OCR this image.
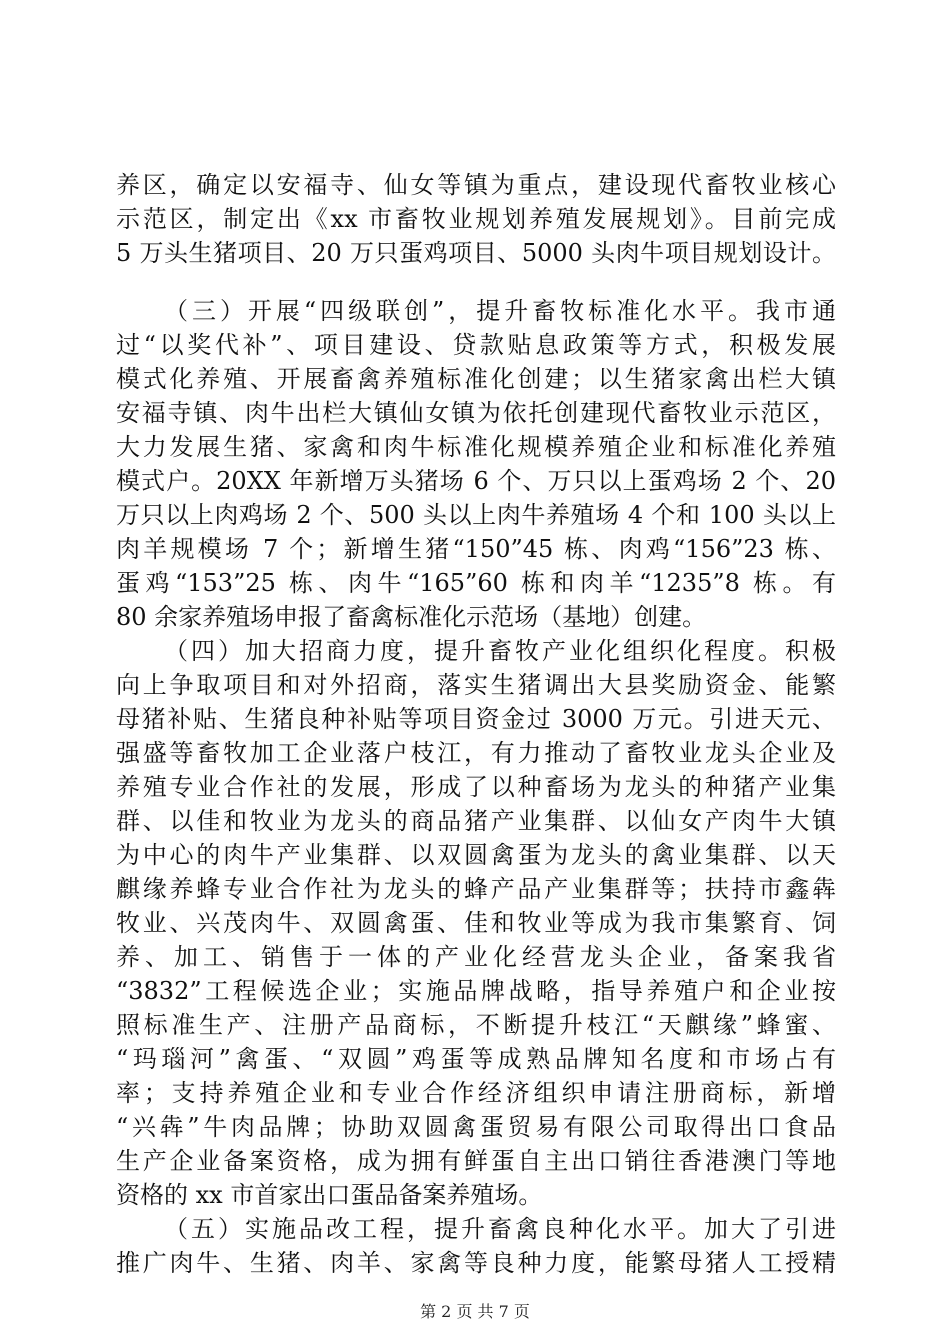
养区，确定以安福寺、仙女等镇为重点，建设现代畜牧业核心
示范区，制定出《xx 市畜牧业规划养殖发展规划》。目前完成
5 万头生猪项目、20 万只蛋鸡项目、5000 头肉牛项目规划设计。
（三）开展“四级联创”，提升畜牧标准化水平。我市通
过“以奖代补”、项目建设、贷款贴息政策等方式，积极发展
模式化养殖、开展畜禽养殖标准化创建；以生猪家禽出栏大镇
安福寺镇、肉牛出栏大镇仙女镇为依托创建现代畜牧业示范区，
大力发展生猪、家禽和肉牛标准化规模养殖企业和标准化养殖
模式户。20XX 年新增万头猪场 6 个、万只以上蛋鸡场 2 个、20
万只以上肉鸡场 2 个、500 头以上肉牛养殖场 4 个和 100 头以上
肉羊规模场 7 个；新增生猪“150”45 栋、肉鸡“156”23 栋、
蛋鸡“153”25 栋、肉牛“165”60 栋和肉羊“1235”8 栋。有
80 余家养殖场申报了畜禽标准化示范场（基地）创建。
（四）加大招商力度，提升畜牧产业化组织化程度。积极
向上争取项目和对外招商，落实生猪调出大县奖励资金、能繁
母猪补贴、生猪良种补贴等项目资金过 3000 万元。引进天元、
强盛等畜牧加工企业落户枝江，有力推动了畜牧业龙头企业及
养殖专业合作社的发展，形成了以种畜场为龙头的种猪产业集
群、以佳和牧业为龙头的商品猪产业集群、以仙女产肉牛大镇
为中心的肉牛产业集群、以双圆禽蛋为龙头的禽业集群、以天
麒缘养蜂专业合作社为龙头的蜂产品产业集群等；扶持市鑫犇
牧业、兴茂肉牛、双圆禽蛋、佳和牧业等成为我市集繁育、饲
养、加工、销售于一体的产业化经营龙头企业，备案我省
“3832”工程候选企业；实施品牌战略，指导养殖户和企业按
照标准生产、注册产品商标，不断提升枝江“天麒缘”蜂蜜、
“玛瑙河”禽蛋、“双圆”鸡蛋等成熟品牌知名度和市场占有
率；支持养殖企业和专业合作经济组织申请注册商标，新增
“兴犇”牛肉品牌；协助双圆禽蛋贸易有限公司取得出口食品
生产企业备案资格，成为拥有鲜蛋自主出口销往香港澳门等地
资格的 xx 市首家出口蛋品备案养殖场。
（五）实施品改工程，提升畜禽良种化水平。加大了引进
推广肉牛、生猪、肉羊、家禽等良种力度，能繁母猪人工授精
第 2 页 共 7 页
